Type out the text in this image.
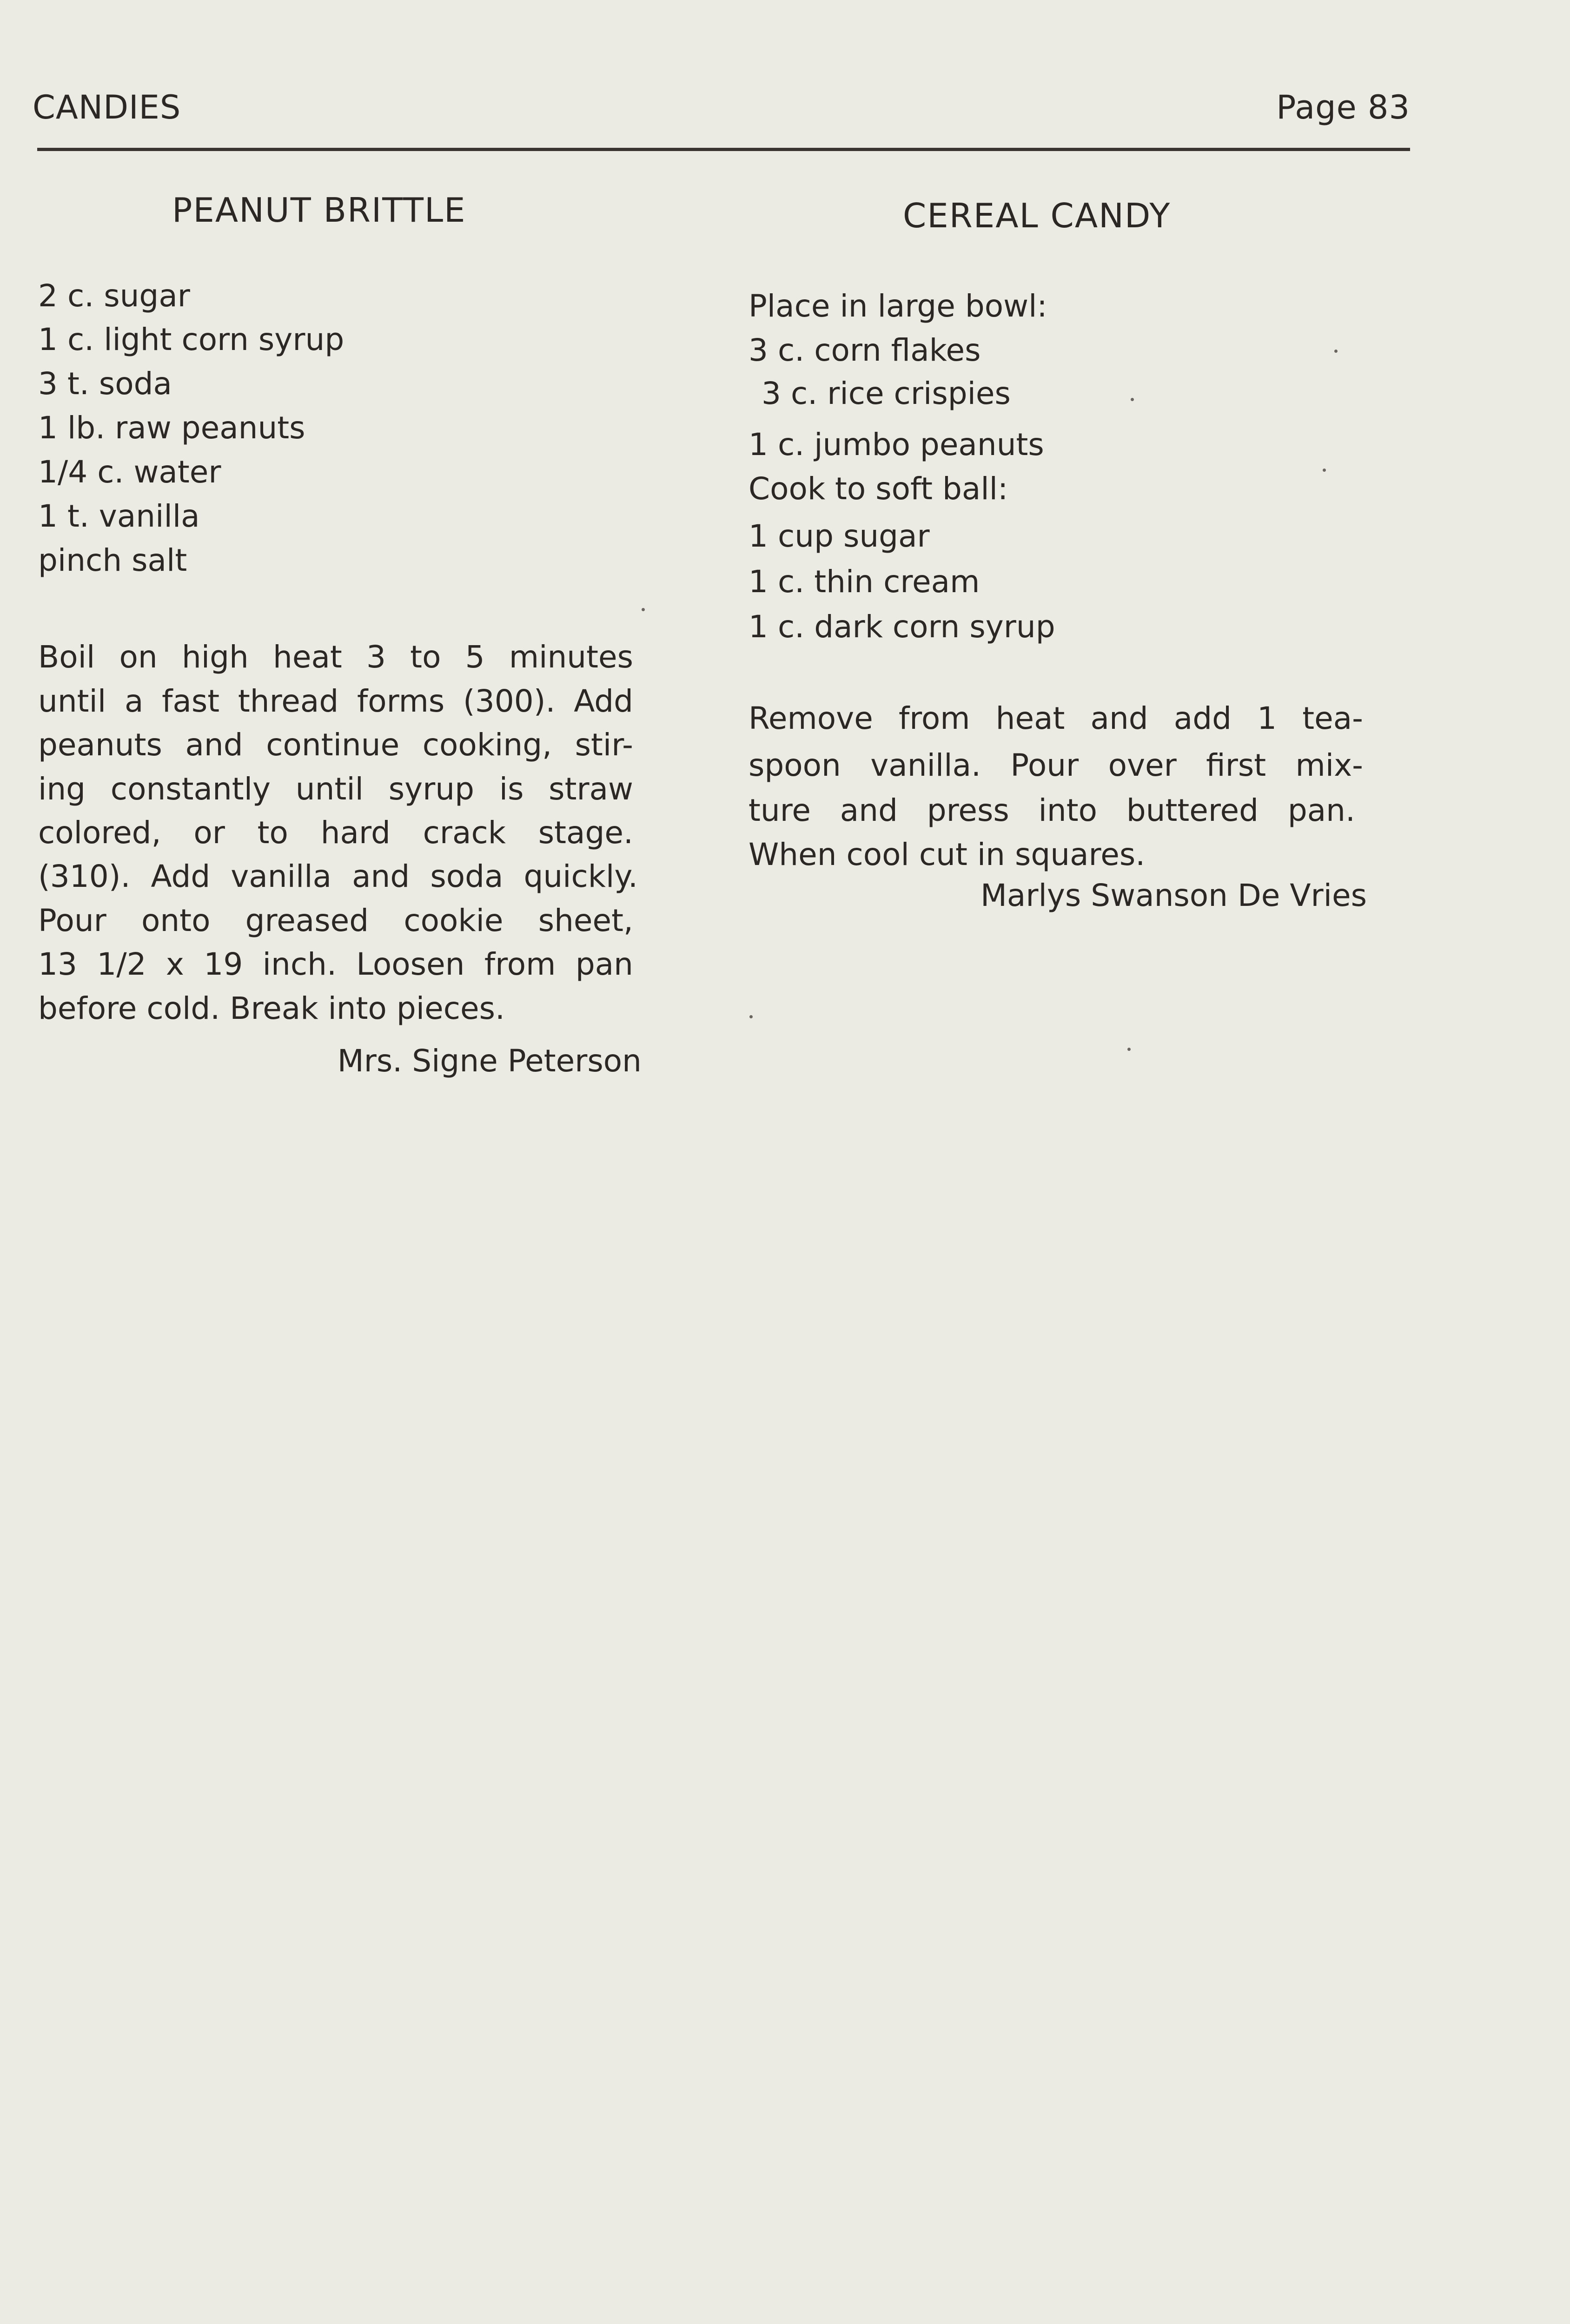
CANDIES	Page 83
PEANUT BRITTLE
2 c. sugar
1 c. light corn syrup
3 t. soda
1 lb. raw peanuts
1/4 c. water
1 t. vanilla
pinch salt
Boil on high heat 3 to 5 minutes
until a fast thread forms (300). Add
peanuts and continue cooking, stir-
ing constantly until syrup is straw
colored, or to hard crack stage.
(310). Add vanilla and soda quickly.
Pour onto greased cookie sheet,
13 1/2 x 19 inch. Loosen from pan
before cold. Break into pieces.
Mrs. Signe Peterson
CEREAL CANDY
Place in large bowl:
3 c. corn flakes
3 c. rice crispies
1 c. jumbo peanuts
Cook to soft ball:
1 cup sugar
1 c. thin cream
1 c. dark corn syrup
Remove from heat and add 1 tea-
spoon vanilla. Pour over first mix-
ture and press into buttered pan.
When cool cut in squares.
Marlys Swanson De Vries
